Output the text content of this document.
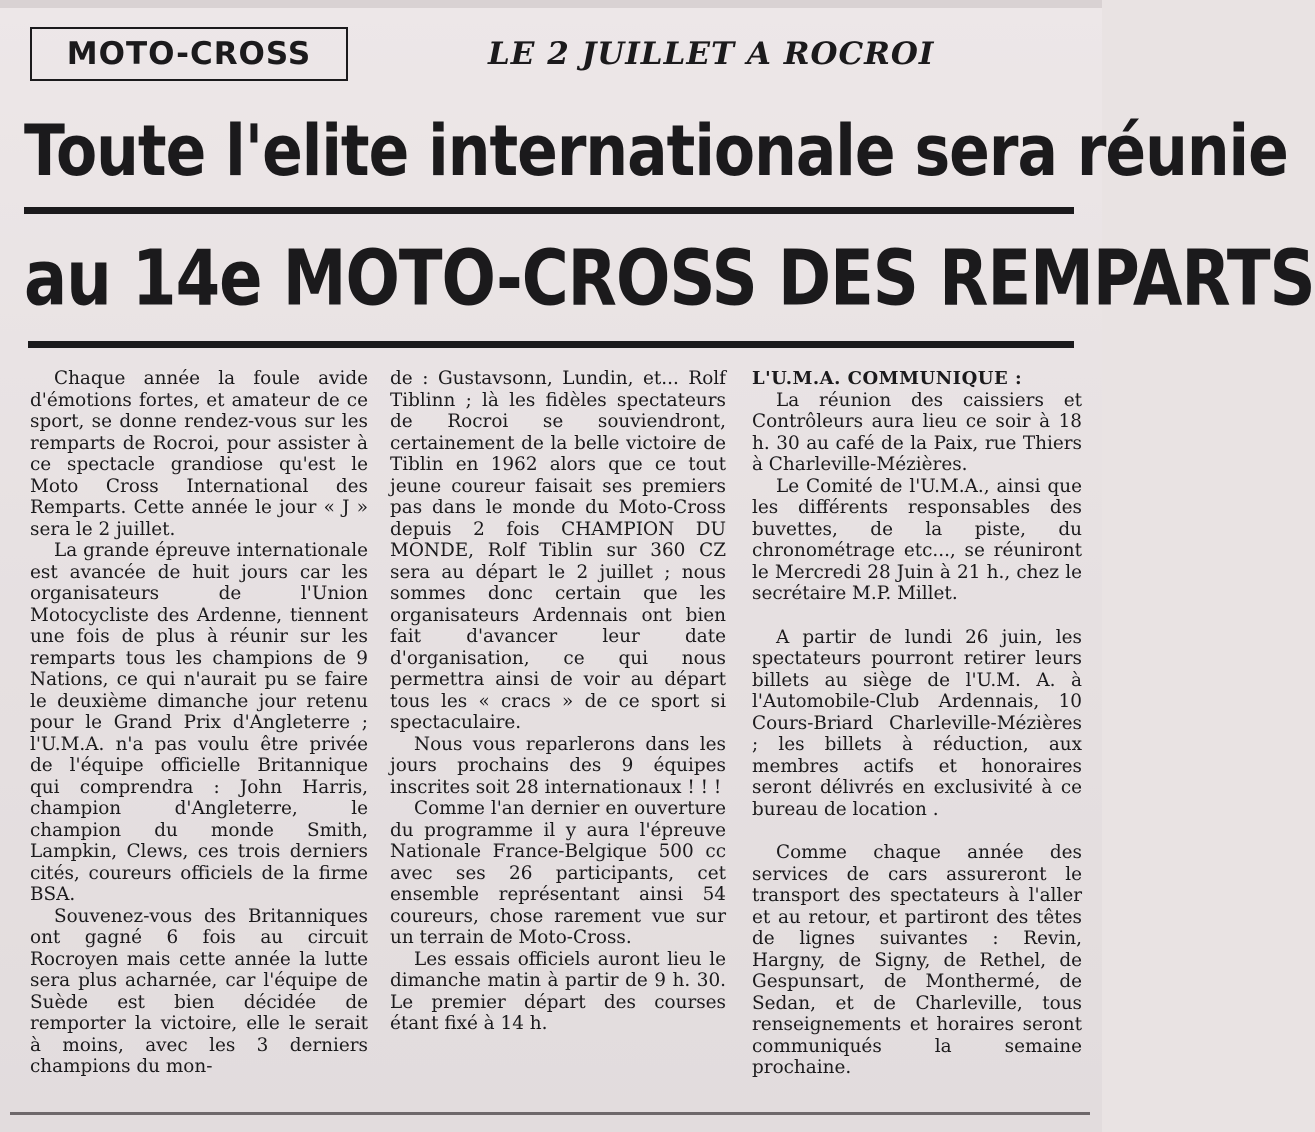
MOTO-CROSS	LE 2 JUILLET A ROCROI
Toute l'elite internationale sera réunie
au 14e MOTO-CROSS DES REMPARTS

Chaque année la foule avide d'émotions fortes, et amateur de ce sport, se donne rendez-vous sur les remparts de Rocroi, pour assister à ce spectacle grandiose qu'est le Moto Cross International des Remparts. Cette année le jour « J » sera le 2 juillet.

La grande épreuve internationale est avancée de huit jours car les organisateurs de l'Union Motocycliste des Ardenne, tiennent une fois de plus à réunir sur les remparts tous les champions de 9 Nations, ce qui n'aurait pu se faire le deuxième dimanche jour retenu pour le Grand Prix d'Angleterre ; l'U.M.A. n'a pas voulu être privée de l'équipe officielle Britannique qui comprendra : John Harris, champion d'Angleterre, le champion du monde Smith, Lampkin, Clews, ces trois derniers cités, coureurs officiels de la firme BSA.

Souvenez-vous des Britanniques ont gagné 6 fois au circuit Rocroyen mais cette année la lutte sera plus acharnée, car l'équipe de Suède est bien décidée de remporter la victoire, elle le serait à moins, avec les 3 derniers champions du mon-

de : Gustavsonn, Lundin, et... Rolf Tiblinn ; là les fidèles spectateurs de Rocroi se souviendront, certainement de la belle victoire de Tiblin en 1962 alors que ce tout jeune coureur faisait ses premiers pas dans le monde du Moto-Cross depuis 2 fois CHAMPION DU MONDE, Rolf Tiblin sur 360 CZ sera au départ le 2 juillet ; nous sommes donc certain que les organisateurs Ardennais ont bien fait d'avancer leur date d'organisation, ce qui nous permettra ainsi de voir au départ tous les « cracs » de ce sport si spectaculaire.

Nous vous reparlerons dans les jours prochains des 9 équipes inscrites soit 28 internationaux ! ! !

Comme l'an dernier en ouverture du programme il y aura l'épreuve Nationale France-Belgique 500 cc avec ses 26 participants, cet ensemble représentant ainsi 54 coureurs, chose rarement vue sur un terrain de Moto-Cross.

Les essais officiels auront lieu le dimanche matin à partir de 9 h. 30. Le premier départ des courses étant fixé à 14 h.

L'U.M.A. COMMUNIQUE :

La réunion des caissiers et Contrôleurs aura lieu ce soir à 18 h. 30 au café de la Paix, rue Thiers à Charleville-Mézières.

Le Comité de l'U.M.A., ainsi que les différents responsables des buvettes, de la piste, du chronométrage etc..., se réuniront le Mercredi 28 Juin à 21 h., chez le secrétaire M.P. Millet.

A partir de lundi 26 juin, les spectateurs pourront retirer leurs billets au siège de l'U.M. A. à l'Automobile-Club Ardennais, 10 Cours-Briard Charleville-Mézières ; les billets à réduction, aux membres actifs et honoraires seront délivrés en exclusivité à ce bureau de location .

Comme chaque année des services de cars assureront le transport des spectateurs à l'aller et au retour, et partiront des têtes de lignes suivantes : Revin, Hargny, de Signy, de Rethel, de Gespunsart, de Monthermé, de Sedan, et de Charleville, tous renseignements et horaires seront communiqués la semaine prochaine.
